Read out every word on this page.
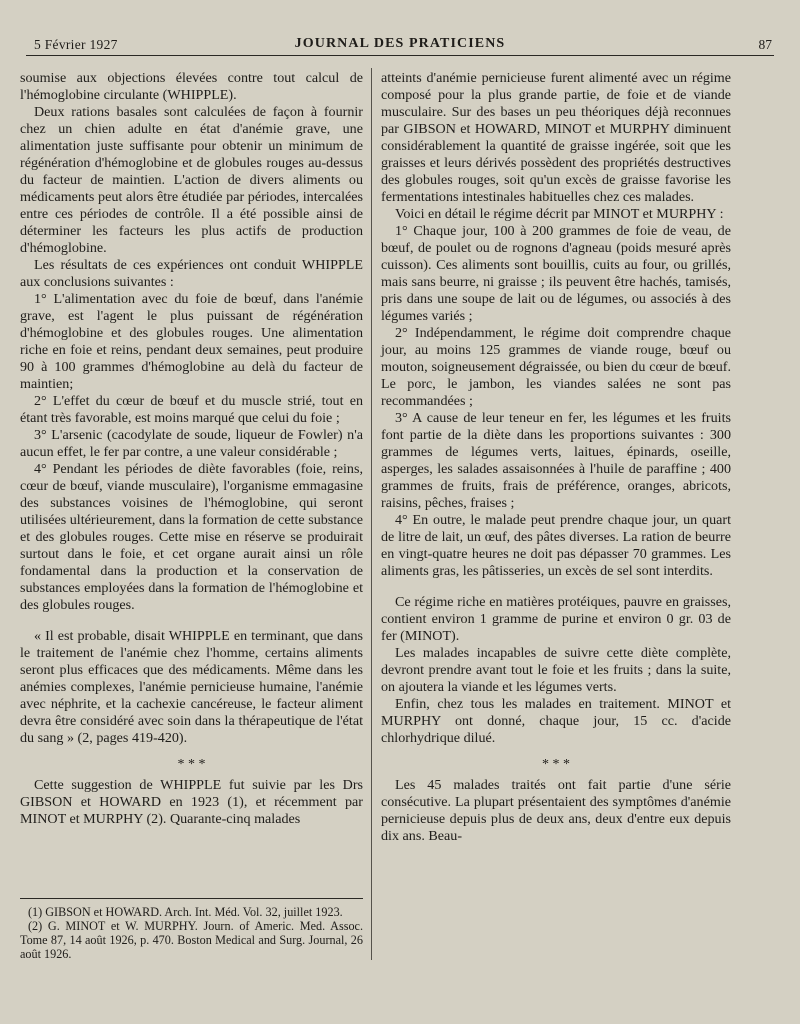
5 Février 1927	JOURNAL DES PRATICIENS	87

soumise aux objections élevées contre tout calcul de l'hémoglobine circulante (WHIPPLE).

Deux rations basales sont calculées de façon à fournir chez un chien adulte en état d'anémie grave, une alimentation juste suffisante pour obtenir un minimum de régénération d'hémoglobine et de globules rouges au-dessus du facteur de maintien. L'action de divers aliments ou médicaments peut alors être étudiée par périodes, intercalées entre ces périodes de contrôle. Il a été possible ainsi de déterminer les facteurs les plus actifs de production d'hémoglobine.

Les résultats de ces expériences ont conduit WHIPPLE aux conclusions suivantes :

1° L'alimentation avec du foie de bœuf, dans l'anémie grave, est l'agent le plus puissant de régénération d'hémoglobine et des globules rouges. Une alimentation riche en foie et reins, pendant deux semaines, peut produire 90 à 100 grammes d'hémoglobine au delà du facteur de maintien;

2° L'effet du cœur de bœuf et du muscle strié, tout en étant très favorable, est moins marqué que celui du foie ;

3° L'arsenic (cacodylate de soude, liqueur de Fowler) n'a aucun effet, le fer par contre, a une valeur considérable ;

4° Pendant les périodes de diète favorables (foie, reins, cœur de bœuf, viande musculaire), l'organisme emmagasine des substances voisines de l'hémoglobine, qui seront utilisées ultérieurement, dans la formation de cette substance et des globules rouges. Cette mise en réserve se produirait surtout dans le foie, et cet organe aurait ainsi un rôle fondamental dans la production et la conservation de substances employées dans la formation de l'hémoglobine et des globules rouges.

« Il est probable, disait WHIPPLE en terminant, que dans le traitement de l'anémie chez l'homme, certains aliments seront plus efficaces que des médicaments. Même dans les anémies complexes, l'anémie pernicieuse humaine, l'anémie avec néphrite, et la cachexie cancéreuse, le facteur aliment devra être considéré avec soin dans la thérapeutique de l'état du sang » (2, pages 419-420).

* * *

Cette suggestion de WHIPPLE fut suivie par les Drs GIBSON et HOWARD en 1923 (1), et récemment par MINOT et MURPHY (2). Quarante-cinq malades

(1) GIBSON et HOWARD. Arch. Int. Méd. Vol. 32, juillet 1923.

(2) G. MINOT et W. MURPHY. Journ. of Americ. Med. Assoc. Tome 87, 14 août 1926, p. 470. Boston Medical and Surg. Journal, 26 août 1926.

atteints d'anémie pernicieuse furent alimenté avec un régime composé pour la plus grande partie, de foie et de viande musculaire. Sur des bases un peu théoriques déjà reconnues par GIBSON et HOWARD, MINOT et MURPHY diminuent considérablement la quantité de graisse ingérée, soit que les graisses et leurs dérivés possèdent des propriétés destructives des globules rouges, soit qu'un excès de graisse favorise les fermentations intestinales habituelles chez ces malades.

Voici en détail le régime décrit par MINOT et MURPHY :

1° Chaque jour, 100 à 200 grammes de foie de veau, de bœuf, de poulet ou de rognons d'agneau (poids mesuré après cuisson). Ces aliments sont bouillis, cuits au four, ou grillés, mais sans beurre, ni graisse ; ils peuvent être hachés, tamisés, pris dans une soupe de lait ou de légumes, ou associés à des légumes variés ;

2° Indépendamment, le régime doit comprendre chaque jour, au moins 125 grammes de viande rouge, bœuf ou mouton, soigneusement dégraissée, ou bien du cœur de bœuf. Le porc, le jambon, les viandes salées ne sont pas recommandées ;

3° A cause de leur teneur en fer, les légumes et les fruits font partie de la diète dans les proportions suivantes : 300 grammes de légumes verts, laitues, épinards, oseille, asperges, les salades assaisonnées à l'huile de paraffine ; 400 grammes de fruits, frais de préférence, oranges, abricots, raisins, pêches, fraises ;

4° En outre, le malade peut prendre chaque jour, un quart de litre de lait, un œuf, des pâtes diverses. La ration de beurre en vingt-quatre heures ne doit pas dépasser 70 grammes. Les aliments gras, les pâtisseries, un excès de sel sont interdits.

Ce régime riche en matières protéiques, pauvre en graisses, contient environ 1 gramme de purine et environ 0 gr. 03 de fer (MINOT).

Les malades incapables de suivre cette diète complète, devront prendre avant tout le foie et les fruits ; dans la suite, on ajoutera la viande et les légumes verts.

Enfin, chez tous les malades en traitement. MINOT et MURPHY ont donné, chaque jour, 15 cc. d'acide chlorhydrique dilué.

* * *

Les 45 malades traités ont fait partie d'une série consécutive. La plupart présentaient des symptômes d'anémie pernicieuse depuis plus de deux ans, deux d'entre eux depuis dix ans. Beau-
